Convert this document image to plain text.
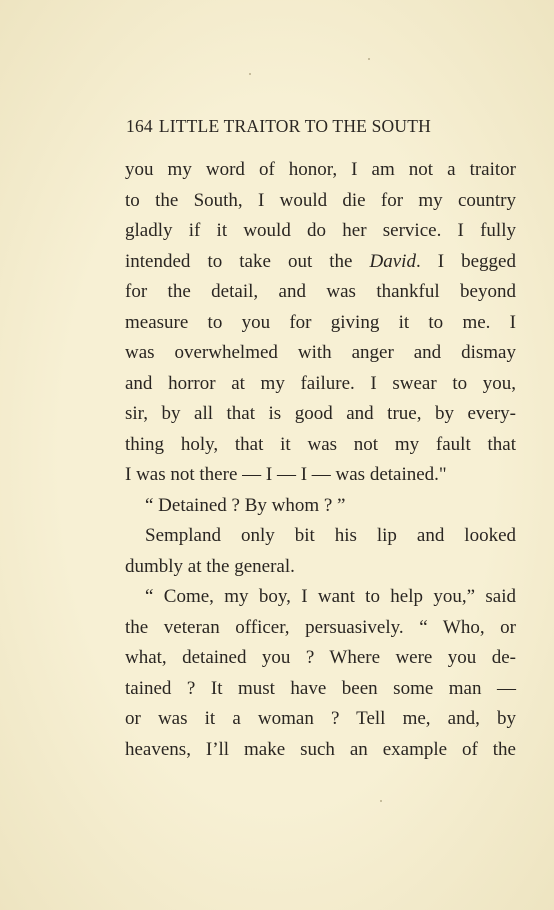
164 LITTLE TRAITOR TO THE SOUTH
you my word of honor, I am not a traitor
to the South, I would die for my country
gladly if it would do her service. I fully
intended to take out the David. I begged
for the detail, and was thankful beyond
measure to you for giving it to me. I
was overwhelmed with anger and dismay
and horror at my failure. I swear to you,
sir, by all that is good and true, by every-
thing holy, that it was not my fault that
I was not there — I — I — was detained."
“ Detained ? By whom ? ”
Sempland only bit his lip and looked
dumbly at the general.
“ Come, my boy, I want to help you,” said
the veteran officer, persuasively. “ Who, or
what, detained you ? Where were you de-
tained ? It must have been some man —
or was it a woman ? Tell me, and, by
heavens, I’ll make such an example of the
